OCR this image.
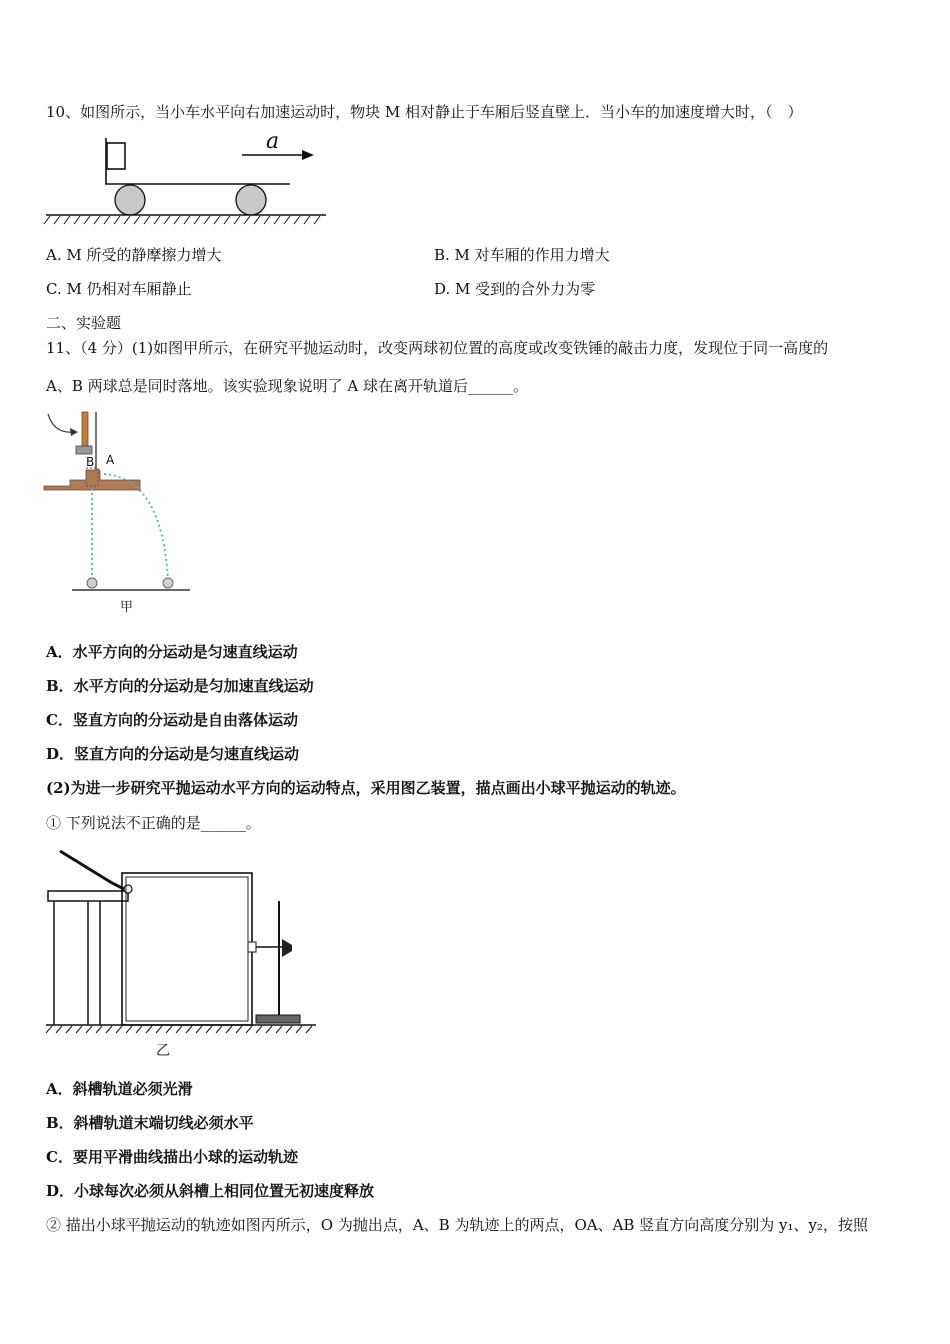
10、如图所示，当小车水平向右加速运动时，物块 M 相对静止于车厢后竖直壁上．当小车的加速度增大时，（　）
a
A. M 所受的静摩擦力增大	B. M 对车厢的作用力增大
C. M 仍相对车厢静止	D. M 受到的合外力为零
二、实验题
11、（4 分）(1)如图甲所示，在研究平抛运动时，改变两球初位置的高度或改变铁锤的敲击力度，发现位于同一高度的
A、B 两球总是同时落地。该实验现象说明了 A 球在离开轨道后______。
B A
甲
A．水平方向的分运动是匀速直线运动
B．水平方向的分运动是匀加速直线运动
C．竖直方向的分运动是自由落体运动
D．竖直方向的分运动是匀速直线运动
(2)为进一步研究平抛运动水平方向的运动特点，采用图乙装置，描点画出小球平抛运动的轨迹。
① 下列说法不正确的是______。
乙
A．斜槽轨道必须光滑
B．斜槽轨道末端切线必须水平
C．要用平滑曲线描出小球的运动轨迹
D．小球每次必须从斜槽上相同位置无初速度释放
② 描出小球平抛运动的轨迹如图丙所示，O 为抛出点，A、B 为轨迹上的两点，OA、AB 竖直方向高度分别为 y₁、y₂，按照
